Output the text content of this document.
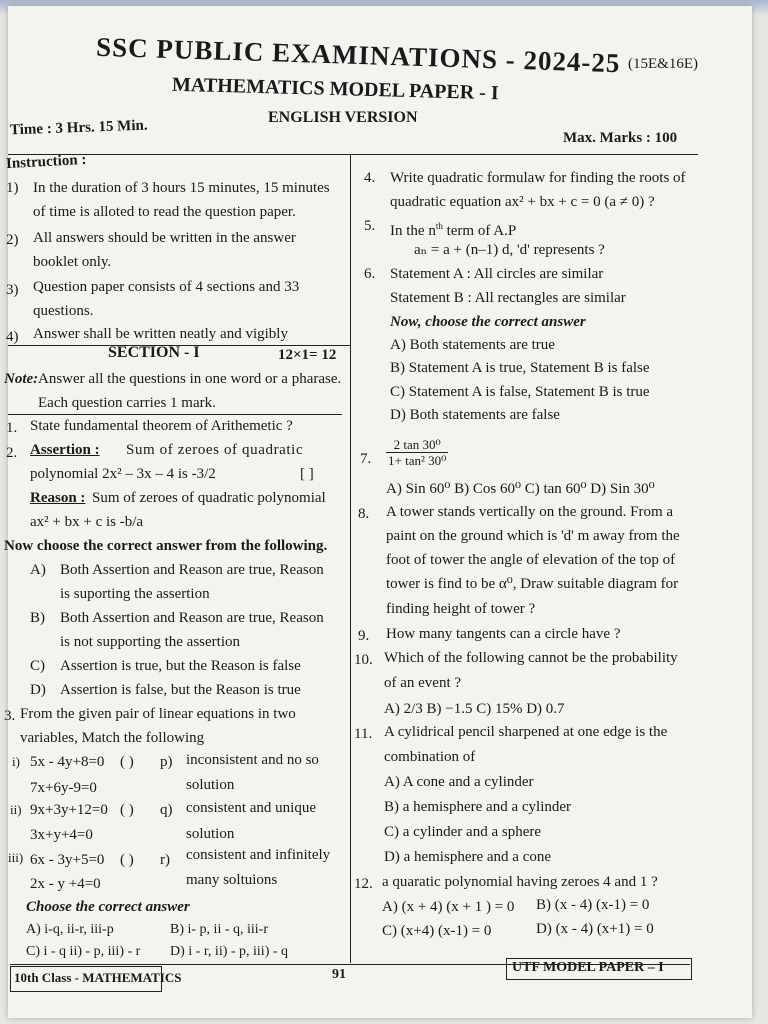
SSC PUBLIC EXAMINATIONS - 2024-25 (15E&16E)
MATHEMATICS MODEL PAPER - I
ENGLISH VERSION
Time : 3 Hrs. 15 Min.	Max. Marks : 100
Instruction :
1) In the duration of 3 hours 15 minutes, 15 minutes
of time is alloted to read the question paper.
2) All answers should be written in the answer
booklet only.
3) Question paper consists of 4 sections and 33
questions.
4) Answer shall be written neatly and vigibly
SECTION - I	12×1= 12
Note: Answer all the questions in one word or a pharase.
Each question carries 1 mark.
1. State fundamental theorem of Arithemetic ?
2. Assertion : Sum of zeroes of quadratic
polynomial 2x² – 3x – 4 is -3/2	[ ]
Reason : Sum of zeroes of quadratic polynomial
ax² + bx + c is -b/a
Now choose the correct answer from the following.
A) Both Assertion and Reason are true, Reason
is suporting the assertion
B) Both Assertion and Reason are true, Reason
is not supporting the assertion
C) Assertion is true, but the Reason is false
D) Assertion is false, but the Reason is true
3. From the given pair of linear equations in two
variables, Match the following
i) 5x - 4y+8=0 ( ) p) inconsistent and no so
7x+6y-9=0	solution
ii) 9x+3y+12=0 ( ) q) consistent and unique
3x+y+4=0	solution
iii) 6x - 3y+5=0 ( ) r) consistent and infinitely
2x - y +4=0	many soltuions
Choose the correct answer
A) i-q, ii-r, iii-p	B) i- p, ii - q, iii-r
C) i - q ii) - p, iii) - r D) i - r, ii) - p, iii) - q
4. Write quadratic formulaw for finding the roots of
quadratic equation ax² + bx + c = 0 (a ≠ 0) ?
5. In the $n^{th}$ term of A.P
aₙ = a + (n–1) d, 'd' represents ?
6. Statement A : All circles are similar
Statement B : All rectangles are similar
Now, choose the correct answer
A) Both statements are true
B) Statement A is true, Statement B is false
C) Statement A is false, Statement B is true
D) Both statements are false
7. $\frac{\text{2 tan 30⁰}}{\text{1+ tan² 30⁰}}$
A) Sin 60⁰ B) Cos 60⁰ C) tan 60⁰ D) Sin 30⁰
8. A tower stands vertically on the ground. From a
paint on the ground which is 'd' m away from the
foot of tower the angle of elevation of the top of
tower is find to be α⁰, Draw suitable diagram for
finding height of tower ?
9. How many tangents can a circle have ?
10. Which of the following cannot be the probability
of an event ?
A) 2/3 B) −1.5 C) 15% D) 0.7
11. A cylidrical pencil sharpened at one edge is the
combination of
A) A cone and a cylinder
B) a hemisphere and a cylinder
C) a cylinder and a sphere
D) a hemisphere and a cone
12. a quaratic polynomial having zeroes 4 and 1 ?
A) (x + 4) (x + 1 ) = 0 B) (x - 4) (x-1) = 0
C) (x+4) (x-1) = 0	D) (x - 4) (x+1) = 0
10th Class - MATHEMATICS	91	UTF MODEL PAPER – I
